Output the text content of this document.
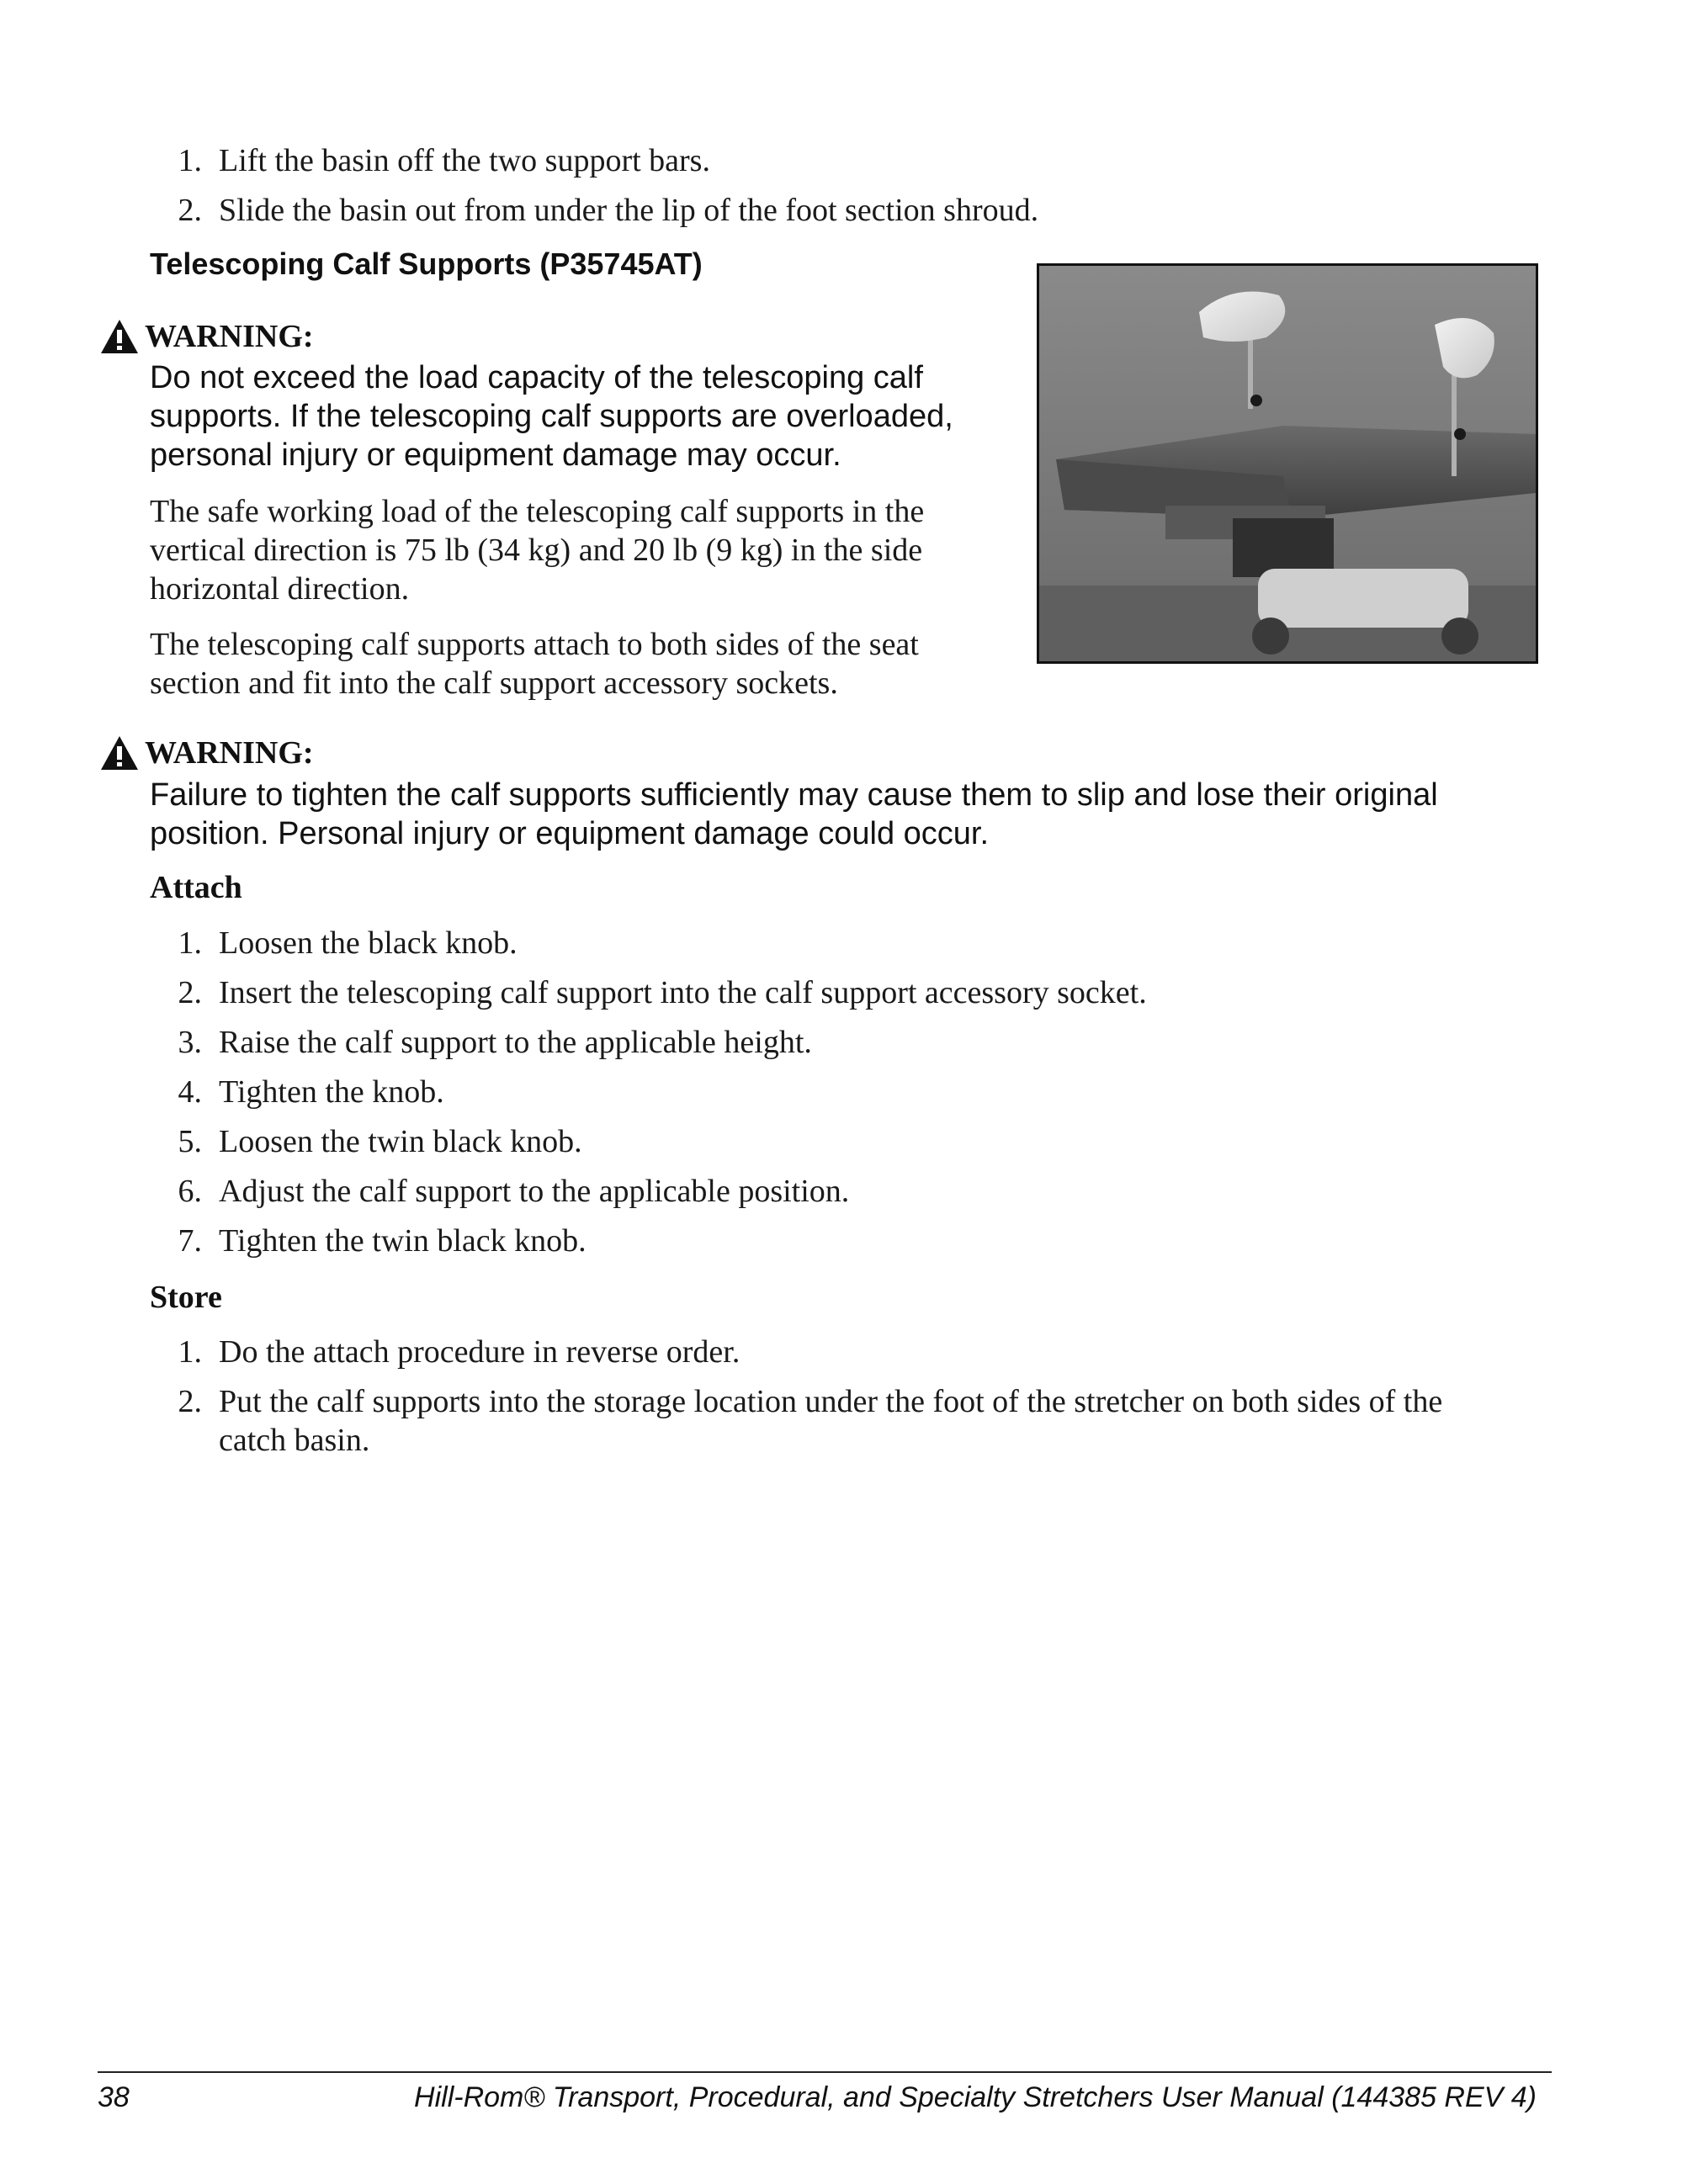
1. Lift the basin off the two support bars.
2. Slide the basin out from under the lip of the foot section shroud.
Telescoping Calf Supports (P35745AT)
WARNING:
Do not exceed the load capacity of the telescoping calf
supports. If the telescoping calf supports are overloaded,
personal injury or equipment damage may occur.
The safe working load of the telescoping calf supports in the
vertical direction is 75 lb (34 kg) and 20 lb (9 kg) in the side
horizontal direction.
The telescoping calf supports attach to both sides of the seat
section and fit into the calf support accessory sockets.
WARNING:
Failure to tighten the calf supports sufficiently may cause them to slip and lose their original
position. Personal injury or equipment damage could occur.
Attach
1. Loosen the black knob.
2. Insert the telescoping calf support into the calf support accessory socket.
3. Raise the calf support to the applicable height.
4. Tighten the knob.
5. Loosen the twin black knob.
6. Adjust the calf support to the applicable position.
7. Tighten the twin black knob.
Store
1. Do the attach procedure in reverse order.
2. Put the calf supports into the storage location under the foot of the stretcher on both sides of the
catch basin.
38	Hill-Rom® Transport, Procedural, and Specialty Stretchers User Manual (144385 REV 4)
